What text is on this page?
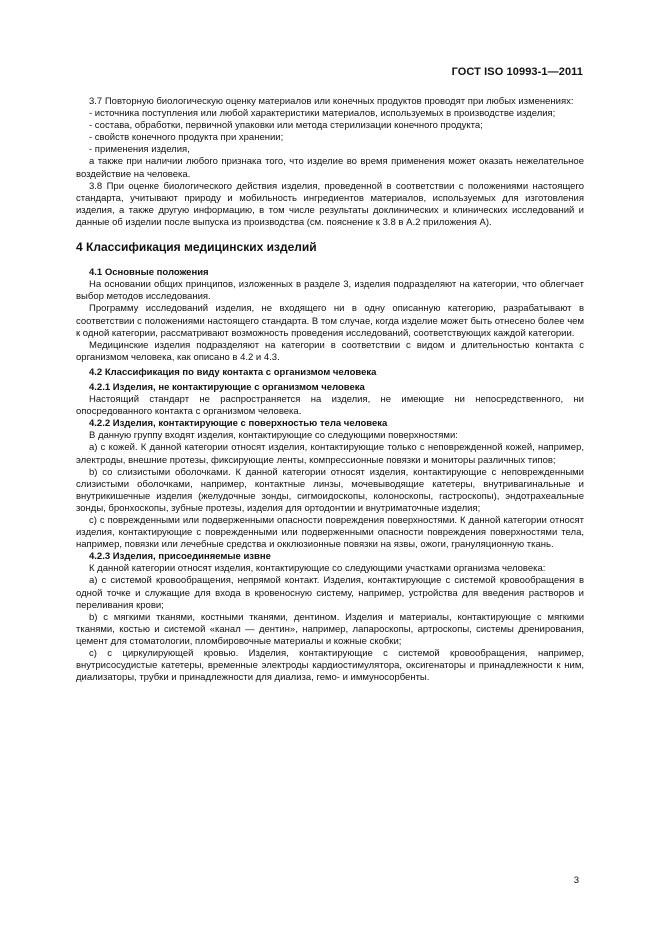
ГОСТ ISO 10993-1—2011

3.7 Повторную биологическую оценку материалов или конечных продуктов проводят при любых изменениях:

- источника поступления или любой характеристики материалов, используемых в производстве изделия;

- состава, обработки, первичной упаковки или метода стерилизации конечного продукта;

- свойств конечного продукта при хранении;

- применения изделия,

а также при наличии любого признака того, что изделие во время применения может оказать нежелательное воздействие на человека.

3.8 При оценке биологического действия изделия, проведенной в соответствии с положениями настоящего стандарта, учитывают природу и мобильность ингредиентов материалов, используемых для изготовления изделия, а также другую информацию, в том числе результаты доклинических и клинических исследований и данные об изделии после выпуска из производства (см. пояснение к 3.8 в А.2 приложения А).

4 Классификация медицинских изделий

4.1 Основные положения

На основании общих принципов, изложенных в разделе 3, изделия подразделяют на категории, что облегчает выбор методов исследования.

Программу исследований изделия, не входящего ни в одну описанную категорию, разрабатывают в соответствии с положениями настоящего стандарта. В том случае, когда изделие может быть отнесено более чем к одной категории, рассматривают возможность проведения исследований, соответствующих каждой категории.

Медицинские изделия подразделяют на категории в соответствии с видом и длительностью контакта с организмом человека, как описано в 4.2 и 4.3.

4.2 Классификация по виду контакта с организмом человека

4.2.1 Изделия, не контактирующие с организмом человека

Настоящий стандарт не распространяется на изделия, не имеющие ни непосредственного, ни опосредованного контакта с организмом человека.

4.2.2 Изделия, контактирующие с поверхностью тела человека

В данную группу входят изделия, контактирующие со следующими поверхностями:

а) с кожей. К данной категории относят изделия, контактирующие только с неповрежденной кожей, например, электроды, внешние протезы, фиксирующие ленты, компрессионные повязки и мониторы различных типов;

b) со слизистыми оболочками. К данной категории относят изделия, контактирующие с неповрежденными слизистыми оболочками, например, контактные линзы, мочевыводящие катетеры, внутривагинальные и внутрикишечные изделия (желудочные зонды, сигмоидоскопы, колоноскопы, гастроскопы), эндотрахеальные зонды, бронхоскопы, зубные протезы, изделия для ортодонтии и внутриматочные изделия;

с) с поврежденными или подверженными опасности повреждения поверхностями. К данной категории относят изделия, контактирующие с поврежденными или подверженными опасности повреждения поверхностями тела, например, повязки или лечебные средства и окклюзионные повязки на язвы, ожоги, грануляционную ткань.

4.2.3 Изделия, присоединяемые извне

К данной категории относят изделия, контактирующие со следующими участками организма человека:

а) с системой кровообращения, непрямой контакт. Изделия, контактирующие с системой кровообращения в одной точке и служащие для входа в кровеносную систему, например, устройства для введения растворов и переливания крови;

b) с мягкими тканями, костными тканями, дентином. Изделия и материалы, контактирующие с мягкими тканями, костью и системой «канал — дентин», например, лапароскопы, артроскопы, системы дренирования, цемент для стоматологии, пломбировочные материалы и кожные скобки;

с) с циркулирующей кровью. Изделия, контактирующие с системой кровообращения, например, внутрисосудистые катетеры, временные электроды кардиостимулятора, оксигенаторы и принадлежности к ним, диализаторы, трубки и принадлежности для диализа, гемо- и иммуносорбенты.

3
